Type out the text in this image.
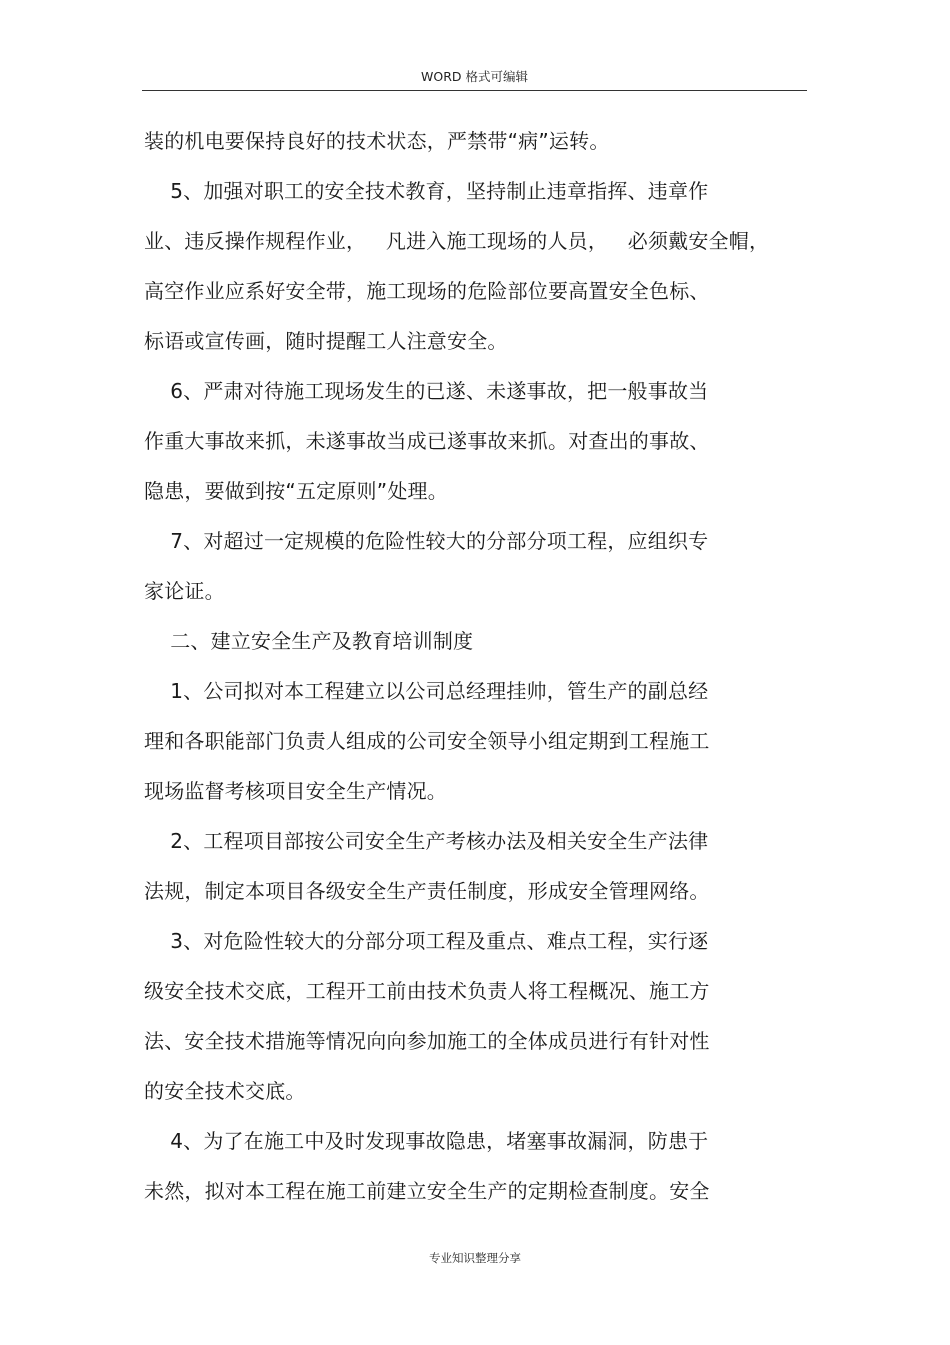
WORD 格式可编辑
装的机电要保持良好的技术状态，严禁带“病”运转。
5、加强对职工的安全技术教育，坚持制止违章指挥、违章作
业、违反操作规程作业，   凡进入施工现场的人员，   必须戴安全帽，
高空作业应系好安全带，施工现场的危险部位要高置安全色标、
标语或宣传画，随时提醒工人注意安全。
6、严肃对待施工现场发生的已遂、未遂事故，把一般事故当
作重大事故来抓，未遂事故当成已遂事故来抓。对查出的事故、
隐患，要做到按“五定原则”处理。
7、对超过一定规模的危险性较大的分部分项工程，应组织专
家论证。
二、建立安全生产及教育培训制度
1、公司拟对本工程建立以公司总经理挂帅，管生产的副总经
理和各职能部门负责人组成的公司安全领导小组定期到工程施工
现场监督考核项目安全生产情况。
2、工程项目部按公司安全生产考核办法及相关安全生产法律
法规，制定本项目各级安全生产责任制度，形成安全管理网络。
3、对危险性较大的分部分项工程及重点、难点工程，实行逐
级安全技术交底，工程开工前由技术负责人将工程概况、施工方
法、安全技术措施等情况向向参加施工的全体成员进行有针对性
的安全技术交底。
4、为了在施工中及时发现事故隐患，堵塞事故漏洞，防患于
未然，拟对本工程在施工前建立安全生产的定期检查制度。安全
专业知识整理分享
